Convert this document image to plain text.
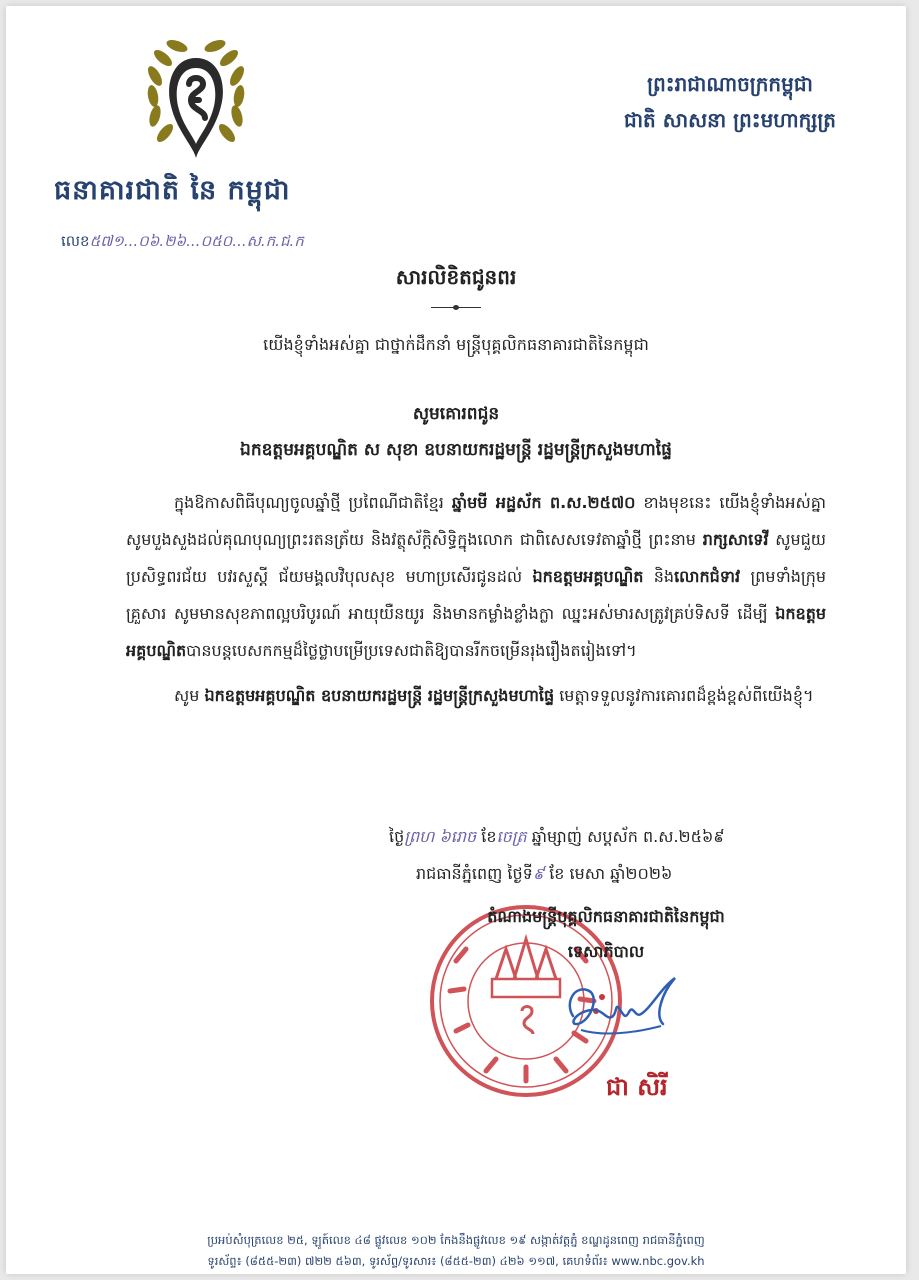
ធនាគារជាតិ នៃ កម្ពុជា
លេខ៥៧១...០៦.២៦...០៥០...ស.ក.ជ.ក
ព្រះរាជាណាចក្រកម្ពុជា
ជាតិ សាសនា ព្រះមហាក្សត្រ
សារលិខិតជូនពរ
យើងខ្ញុំទាំងអស់គ្នា ជាថ្នាក់ដឹកនាំ មន្ត្រីបុគ្គលិកធនាគារជាតិនៃកម្ពុជា
សូមគោរពជូន
ឯកឧត្តមអគ្គបណ្ឌិត ស សុខា ឧបនាយករដ្ឋមន្ត្រី រដ្ឋមន្ត្រីក្រសួងមហាផ្ទៃ

ក្នុងឱកាសពិធីបុណ្យចូលឆ្នាំថ្មី ប្រពៃណីជាតិខ្មែរ ឆ្នាំមមី អដ្ឋស័ក ព.ស.២៥៧០ ខាងមុខនេះ យើងខ្ញុំទាំងអស់គ្នា សូមបួងសួងដល់គុណបុណ្យព្រះរតនត្រ័យ និងវត្ថុស័ក្តិសិទ្ធិក្នុងលោក ជាពិសេសទេវតាឆ្នាំថ្មី ព្រះនាម រាក្សសាទេវី សូមជួយប្រសិទ្ធពរជ័យ បវរសួស្តី ជ័យមង្គលវិបុលសុខ មហាប្រសើរជូនដល់ ឯកឧត្តមអគ្គបណ្ឌិត និងលោកជំទាវ ព្រមទាំងក្រុមគ្រួសារ សូមមានសុខភាពល្អបរិបូរណ៍ អាយុយឺនយូរ និងមានកម្លាំងខ្លាំងក្លា ឈ្នះអស់មារសត្រូវគ្រប់ទិសទី ដើម្បី ឯកឧត្តមអគ្គបណ្ឌិតបានបន្តបេសកកម្មដ៏ថ្លៃថ្លាបម្រើប្រទេសជាតិឱ្យបានរីកចម្រើនរុងរឿងតរៀងទៅ។

សូម ឯកឧត្តមអគ្គបណ្ឌិត ឧបនាយករដ្ឋមន្ត្រី រដ្ឋមន្ត្រីក្រសួងមហាផ្ទៃ មេត្តាទទួលនូវការគោរពដ៏ខ្ពង់ខ្ពស់ពីយើងខ្ញុំ។

ថ្ងៃព្រហ ៦រោច ខែចេត្រ ឆ្នាំម្សាញ់ សប្តស័ក ព.ស.២៥៦៩
រាជធានីភ្នំពេញ ថ្ងៃទី៩ ខែ មេសា ឆ្នាំ២០២៦
តំណាងមន្ត្រីបុគ្គលិកធនាគារជាតិនៃកម្ពុជា
ទេសាភិបាល
ជា សិរី
ប្រអប់សំបុត្រលេខ ២៥, ឡូត៍លេខ ៤៨ ផ្លូវលេខ ១០២ កែងនឹងផ្លូវលេខ ១៩ សង្កាត់វត្តភ្នំ ខណ្ឌដូនពេញ រាជធានីភ្នំពេញ
ទូរស័ព្ទ៖ (៨៥៥-២៣) ៧២២ ៥៦៣, ទូរស័ព្ទ/ទូរសារ៖ (៨៥៥-២៣) ៤២៦ ១១៧, គេហទំព័រ៖ www.nbc.gov.kh
